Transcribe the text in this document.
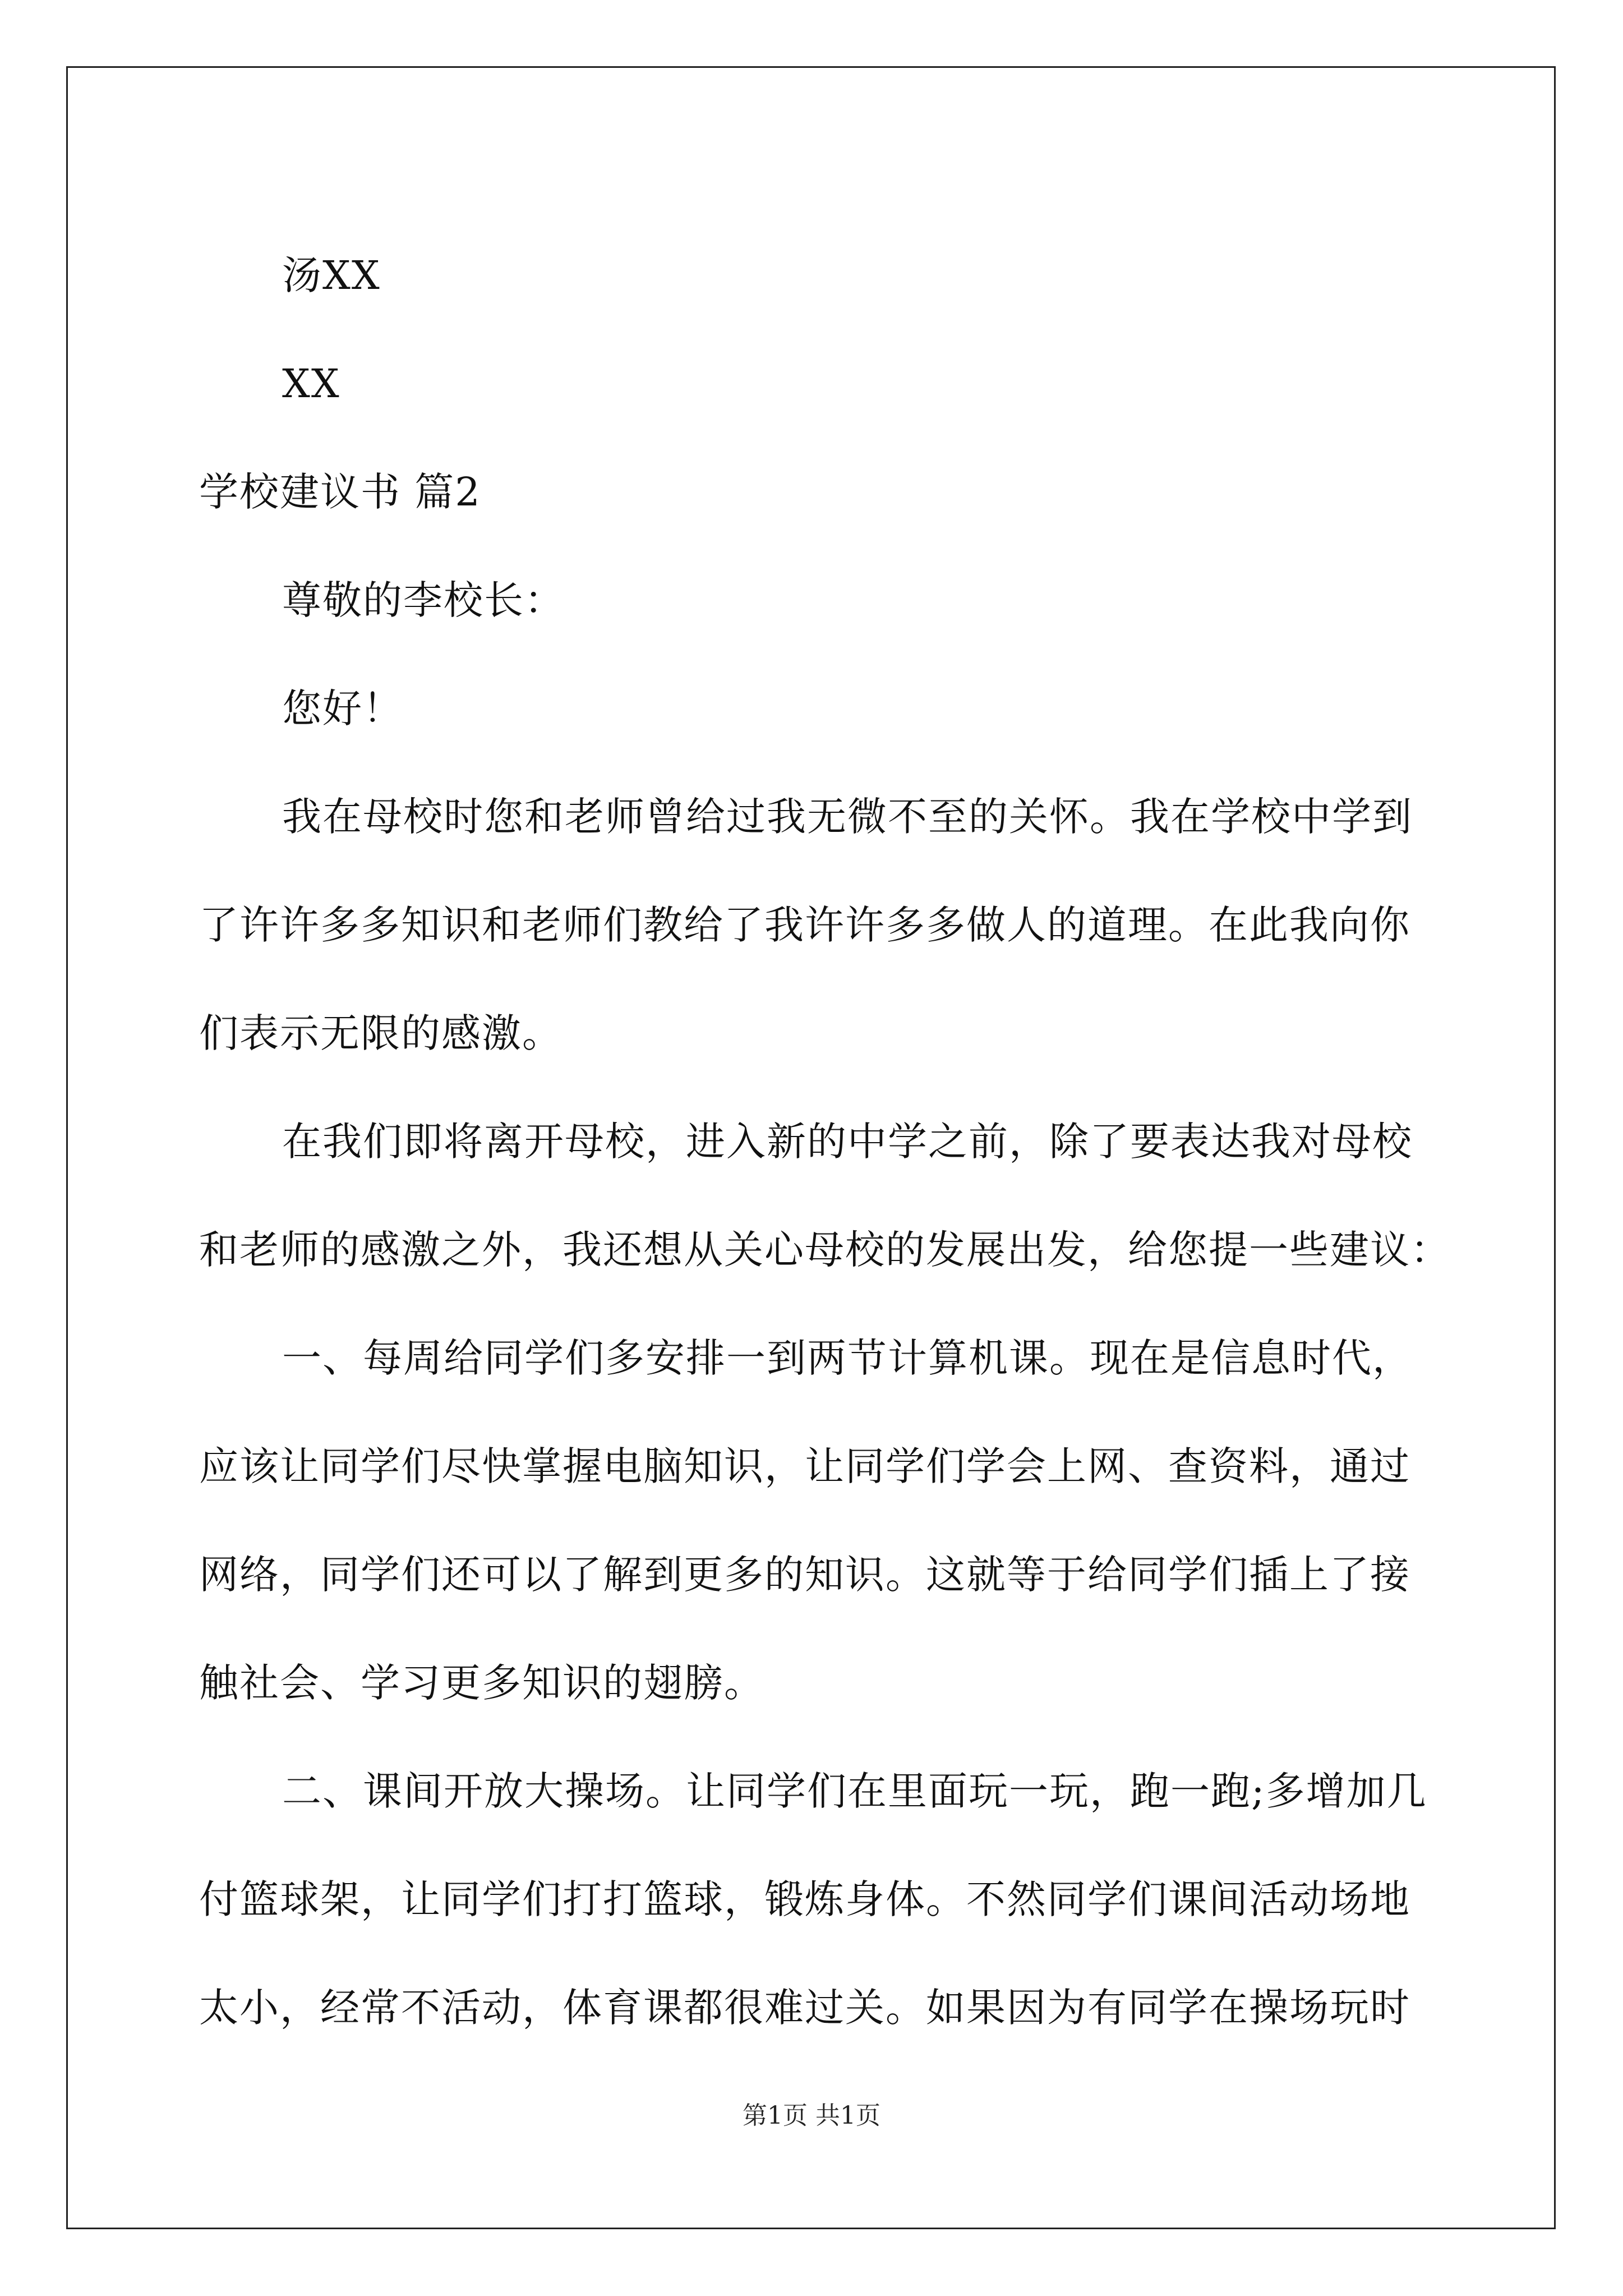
汤XX
XX
学校建议书 篇2
尊敬的李校长：
您好！
我在母校时您和老师曾给过我无微不至的关怀。我在学校中学到
了许许多多知识和老师们教给了我许许多多做人的道理。在此我向你
们表示无限的感激。
在我们即将离开母校，进入新的中学之前，除了要表达我对母校
和老师的感激之外，我还想从关心母校的发展出发，给您提一些建议：
一、每周给同学们多安排一到两节计算机课。现在是信息时代，
应该让同学们尽快掌握电脑知识，让同学们学会上网、查资料，通过
网络，同学们还可以了解到更多的知识。这就等于给同学们插上了接
触社会、学习更多知识的翅膀。
二、课间开放大操场。让同学们在里面玩一玩，跑一跑;多增加几
付篮球架，让同学们打打篮球，锻炼身体。不然同学们课间活动场地
太小，经常不活动，体育课都很难过关。如果因为有同学在操场玩时
第1页 共1页
